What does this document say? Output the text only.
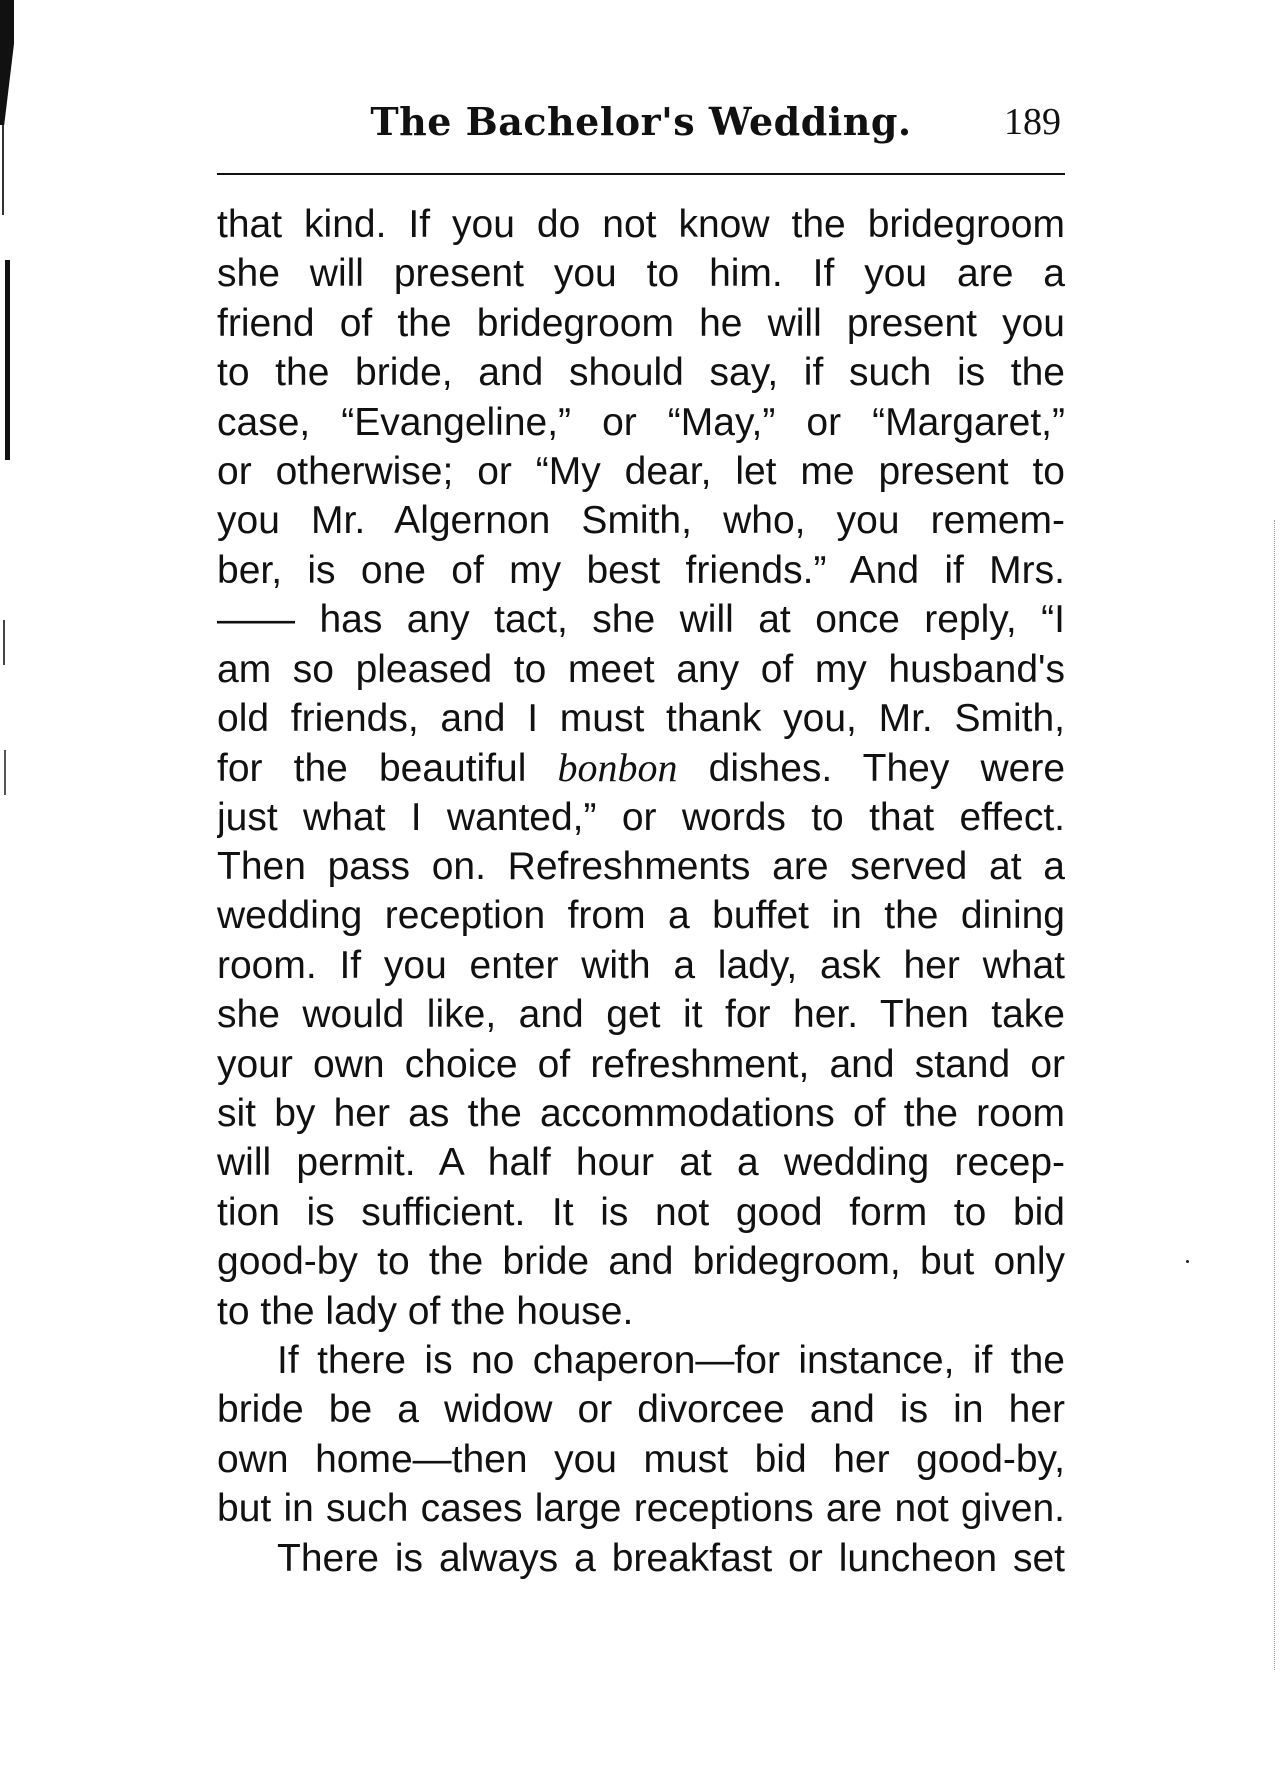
The Bachelor's Wedding.	189
that kind. If you do not know the bridegroom
she will present you to him. If you are a
friend of the bridegroom he will present you
to the bride, and should say, if such is the
case, “Evangeline,” or “May,” or “Margaret,”
or otherwise; or “My dear, let me present to
you Mr. Algernon Smith, who, you remem-
ber, is one of my best friends.” And if Mrs.
—— has any tact, she will at once reply, “I
am so pleased to meet any of my husband's
old friends, and I must thank you, Mr. Smith,
for the beautiful bonbon dishes. They were
just what I wanted,” or words to that effect.
Then pass on. Refreshments are served at a
wedding reception from a buffet in the dining
room. If you enter with a lady, ask her what
she would like, and get it for her. Then take
your own choice of refreshment, and stand or
sit by her as the accommodations of the room
will permit. A half hour at a wedding recep-
tion is sufficient. It is not good form to bid
good-by to the bride and bridegroom, but only
to the lady of the house.
If there is no chaperon—for instance, if the
bride be a widow or divorcee and is in her
own home—then you must bid her good-by,
but in such cases large receptions are not given.
There is always a breakfast or luncheon set
